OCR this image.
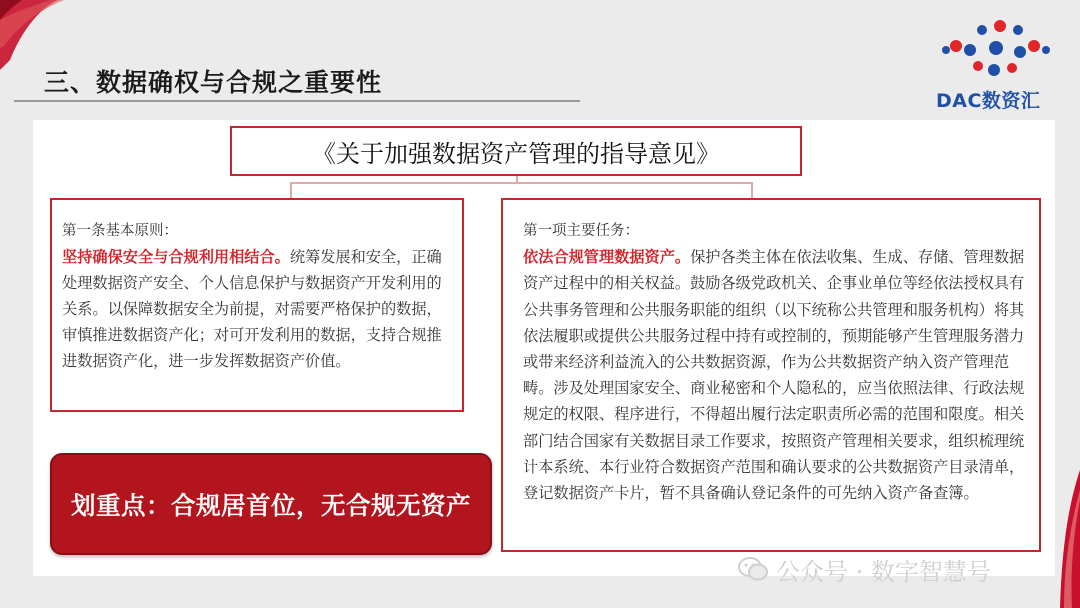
三、数据确权与合规之重要性
DAC数资汇
《关于加强数据资产管理的指导意见》
第一条基本原则：
坚持确保安全与合规利用相结合。统筹发展和安全，正确处理数据资产安全、个人信息保护与数据资产开发利用的关系。以保障数据安全为前提，对需要严格保护的数据，审慎推进数据资产化；对可开发利用的数据，支持合规推进数据资产化，进一步发挥数据资产价值。
第一项主要任务：
依法合规管理数据资产。保护各类主体在依法收集、生成、存储、管理数据资产过程中的相关权益。鼓励各级党政机关、企事业单位等经依法授权具有公共事务管理和公共服务职能的组织（以下统称公共管理和服务机构）将其依法履职或提供公共服务过程中持有或控制的，预期能够产生管理服务潜力或带来经济利益流入的公共数据资源，作为公共数据资产纳入资产管理范畴。涉及处理国家安全、商业秘密和个人隐私的，应当依照法律、行政法规规定的权限、程序进行，不得超出履行法定职责所必需的范围和限度。相关部门结合国家有关数据目录工作要求，按照资产管理相关要求，组织梳理统计本系统、本行业符合数据资产范围和确认要求的公共数据资产目录清单，登记数据资产卡片，暂不具备确认登记条件的可先纳入资产备查簿。
划重点：合规居首位，无合规无资产
公众号 · 数字智慧号
